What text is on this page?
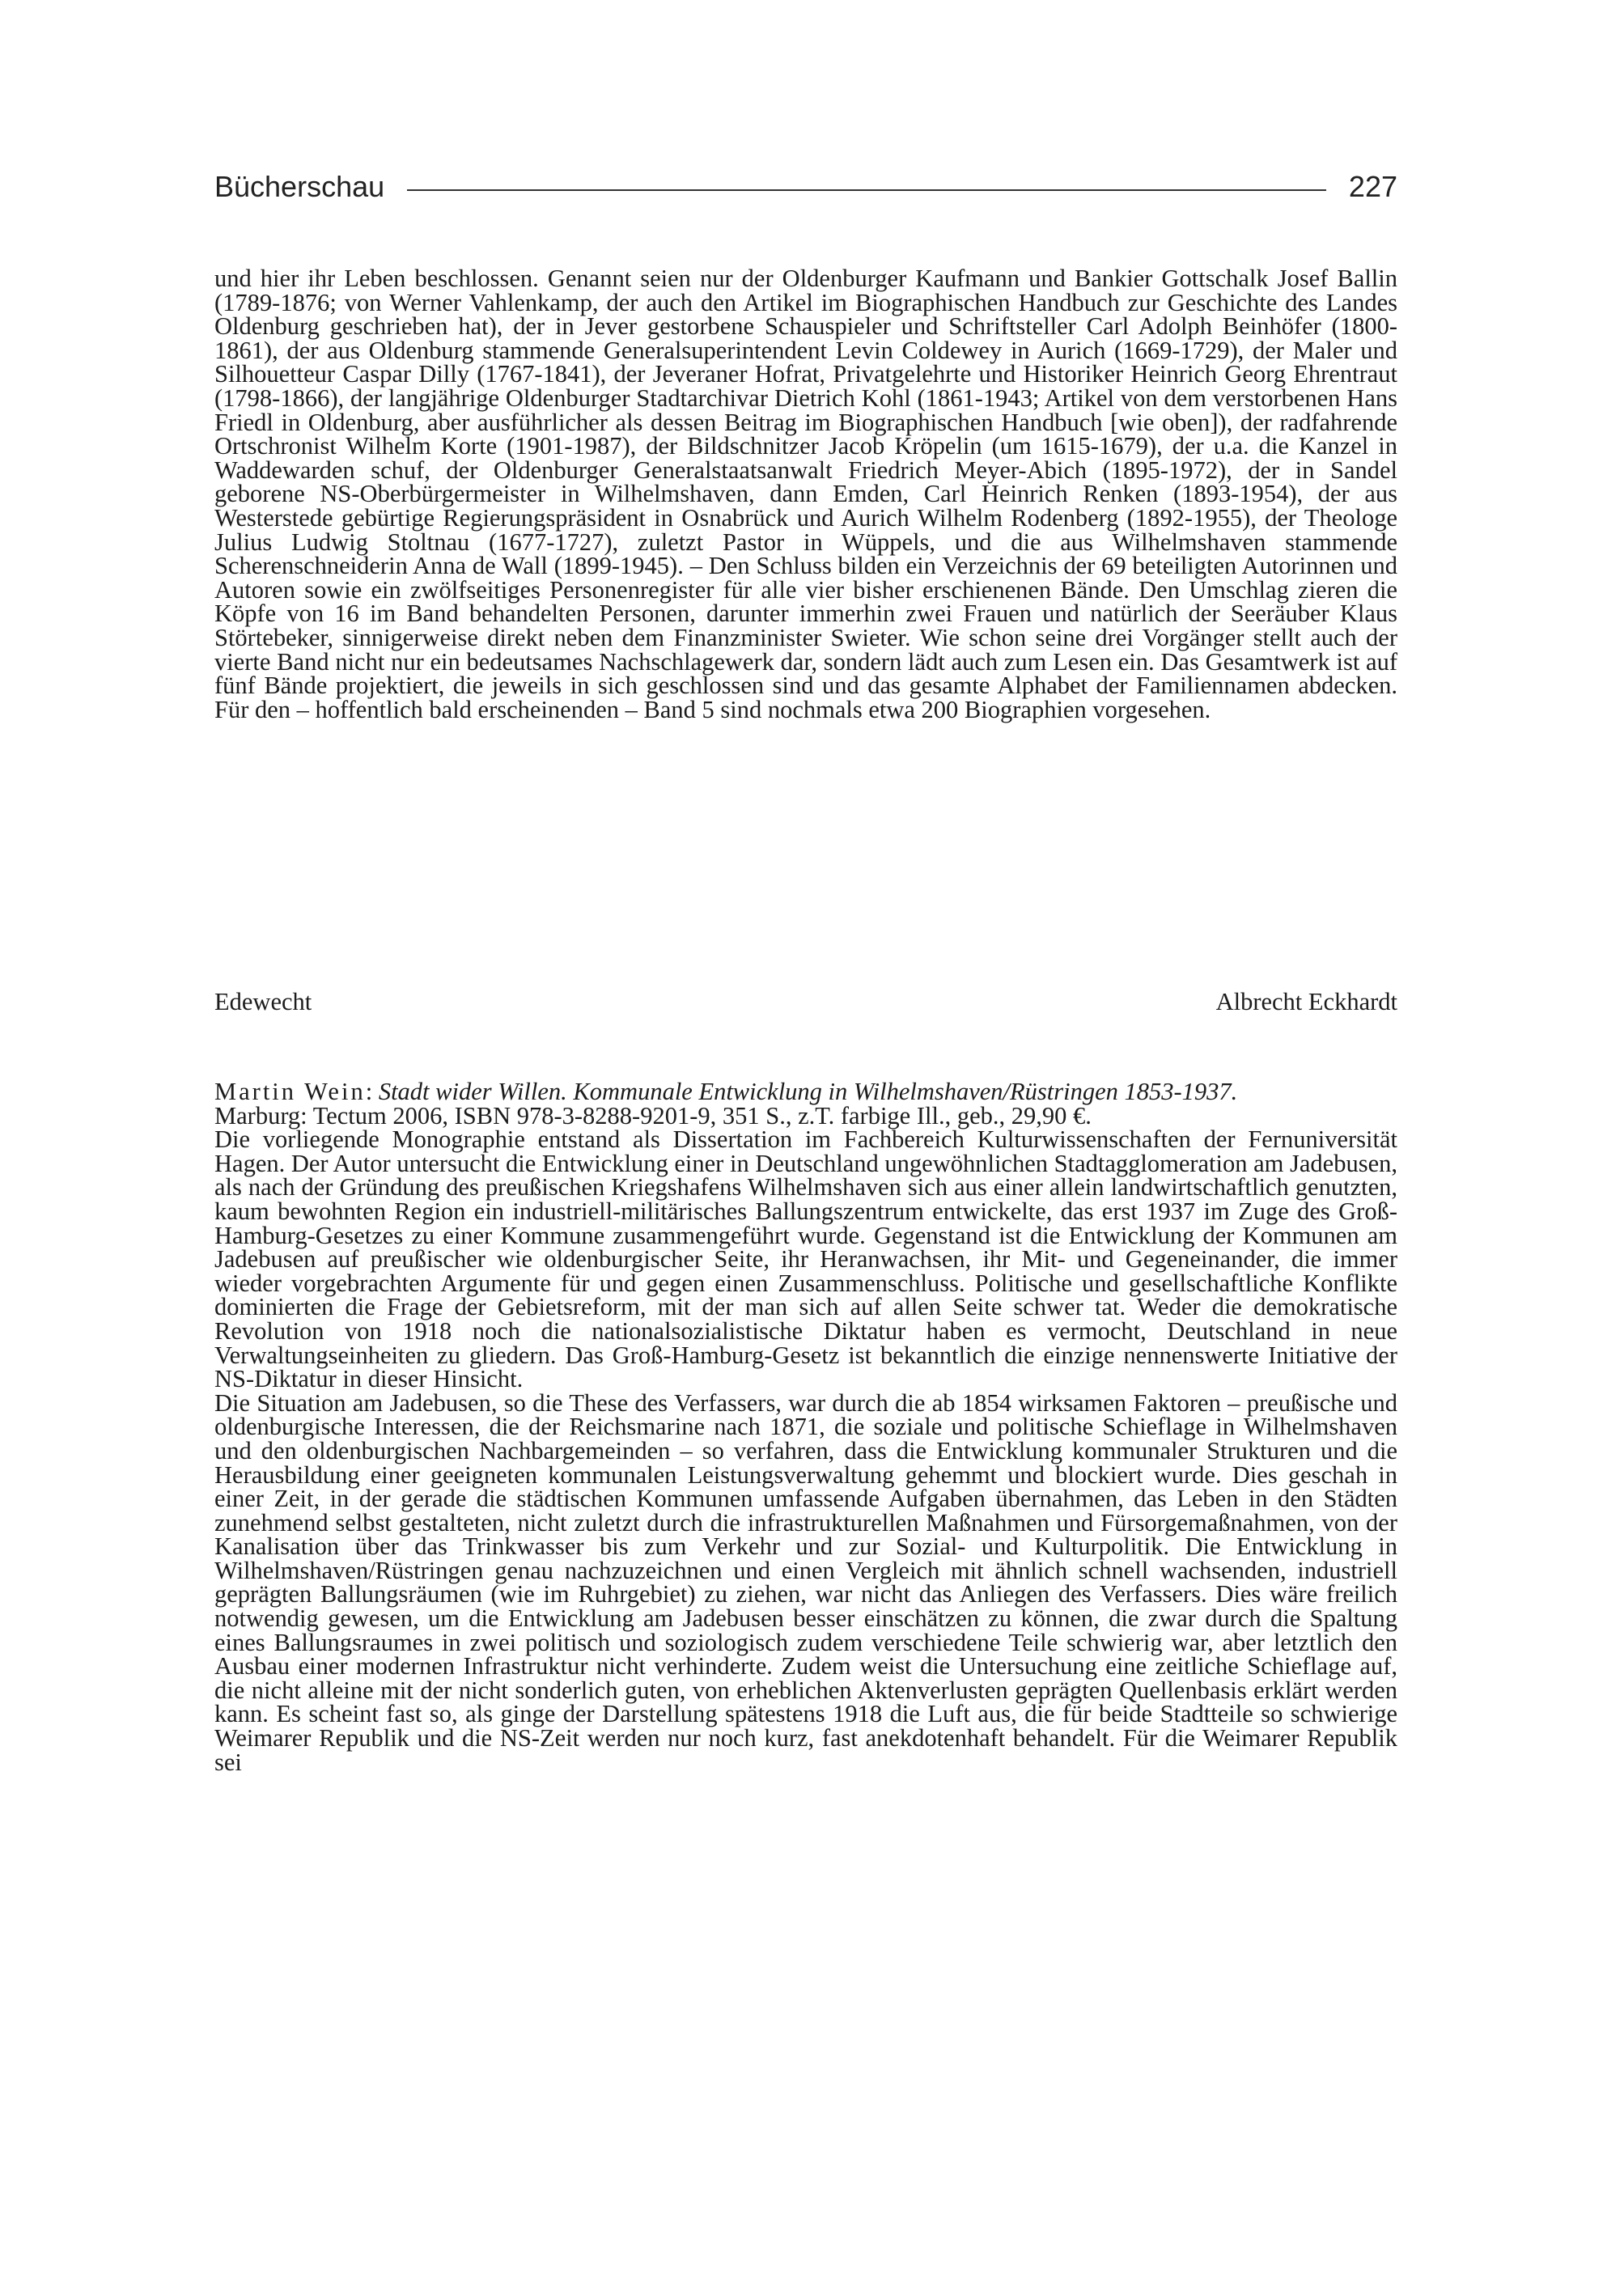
Bücherschau	227
und hier ihr Leben beschlossen. Genannt seien nur der Oldenburger Kaufmann und Bankier Gottschalk Josef Ballin (1789-1876; von Werner Vahlenkamp, der auch den Artikel im Biographischen Handbuch zur Geschichte des Landes Oldenburg geschrieben hat), der in Jever gestorbene Schauspieler und Schriftsteller Carl Adolph Beinhöfer (1800-1861), der aus Oldenburg stammende Generalsuperintendent Levin Coldewey in Aurich (1669-1729), der Maler und Silhouetteur Caspar Dilly (1767-1841), der Jeveraner Hofrat, Privatgelehrte und Historiker Heinrich Georg Ehrentraut (1798-1866), der langjährige Oldenburger Stadtarchivar Dietrich Kohl (1861-1943; Artikel von dem verstorbenen Hans Friedl in Oldenburg, aber ausführlicher als dessen Beitrag im Biographischen Handbuch [wie oben]), der radfahrende Ortschronist Wilhelm Korte (1901-1987), der Bildschnitzer Jacob Kröpelin (um 1615-1679), der u.a. die Kanzel in Waddewarden schuf, der Oldenburger Generalstaatsanwalt Friedrich Meyer-Abich (1895-1972), der in Sandel geborene NS-Oberbürgermeister in Wilhelmshaven, dann Emden, Carl Heinrich Renken (1893-1954), der aus Westerstede gebürtige Regierungspräsident in Osnabrück und Aurich Wilhelm Rodenberg (1892-1955), der Theologe Julius Ludwig Stoltnau (1677-1727), zuletzt Pastor in Wüppels, und die aus Wilhelmshaven stammende Scherenschneiderin Anna de Wall (1899-1945). – Den Schluss bilden ein Verzeichnis der 69 beteiligten Autorinnen und Autoren sowie ein zwölfseitiges Personenregister für alle vier bisher erschienenen Bände. Den Umschlag zieren die Köpfe von 16 im Band behandelten Personen, darunter immerhin zwei Frauen und natürlich der Seeräuber Klaus Störtebeker, sinnigerweise direkt neben dem Finanzminister Swieter. Wie schon seine drei Vorgänger stellt auch der vierte Band nicht nur ein bedeutsames Nachschlagewerk dar, sondern lädt auch zum Lesen ein. Das Gesamtwerk ist auf fünf Bände projektiert, die jeweils in sich geschlossen sind und das gesamte Alphabet der Familiennamen abdecken. Für den – hoffentlich bald erscheinenden – Band 5 sind nochmals etwa 200 Biographien vorgesehen.
Edewecht	Albrecht Eckhardt

Martin Wein: Stadt wider Willen. Kommunale Entwicklung in Wilhelmshaven/Rüstringen 1853-1937.

Marburg: Tectum 2006, ISBN 978-3-8288-9201-9, 351 S., z.T. farbige Ill., geb., 29,90 €.

Die vorliegende Monographie entstand als Dissertation im Fachbereich Kulturwissenschaften der Fernuniversität Hagen. Der Autor untersucht die Entwicklung einer in Deutschland ungewöhnlichen Stadtagglomeration am Jadebusen, als nach der Gründung des preußischen Kriegshafens Wilhelmshaven sich aus einer allein landwirtschaftlich genutzten, kaum bewohnten Region ein industriell-militärisches Ballungszentrum entwickelte, das erst 1937 im Zuge des Groß-Hamburg-Gesetzes zu einer Kommune zusammengeführt wurde. Gegenstand ist die Entwicklung der Kommunen am Jadebusen auf preußischer wie oldenburgischer Seite, ihr Heranwachsen, ihr Mit- und Gegeneinander, die immer wieder vorgebrachten Argumente für und gegen einen Zusammenschluss. Politische und gesellschaftliche Konflikte dominierten die Frage der Gebietsreform, mit der man sich auf allen Seite schwer tat. Weder die demokratische Revolution von 1918 noch die nationalsozialistische Diktatur haben es vermocht, Deutschland in neue Verwaltungseinheiten zu gliedern. Das Groß-Hamburg-Gesetz ist bekanntlich die einzige nennenswerte Initiative der NS-Diktatur in dieser Hinsicht.

Die Situation am Jadebusen, so die These des Verfassers, war durch die ab 1854 wirksamen Faktoren – preußische und oldenburgische Interessen, die der Reichsmarine nach 1871, die soziale und politische Schieflage in Wilhelmshaven und den oldenburgischen Nachbargemeinden – so verfahren, dass die Entwicklung kommunaler Strukturen und die Herausbildung einer geeigneten kommunalen Leistungsverwaltung gehemmt und blockiert wurde. Dies geschah in einer Zeit, in der gerade die städtischen Kommunen umfassende Aufgaben übernahmen, das Leben in den Städten zunehmend selbst gestalteten, nicht zuletzt durch die infrastrukturellen Maßnahmen und Fürsorgemaßnahmen, von der Kanalisation über das Trinkwasser bis zum Verkehr und zur Sozial- und Kulturpolitik. Die Entwicklung in Wilhelmshaven/Rüstringen genau nachzuzeichnen und einen Vergleich mit ähnlich schnell wachsenden, industriell geprägten Ballungsräumen (wie im Ruhrgebiet) zu ziehen, war nicht das Anliegen des Verfassers. Dies wäre freilich notwendig gewesen, um die Entwicklung am Jadebusen besser einschätzen zu können, die zwar durch die Spaltung eines Ballungsraumes in zwei politisch und soziologisch zudem verschiedene Teile schwierig war, aber letztlich den Ausbau einer modernen Infrastruktur nicht verhinderte. Zudem weist die Untersuchung eine zeitliche Schieflage auf, die nicht alleine mit der nicht sonderlich guten, von erheblichen Aktenverlusten geprägten Quellenbasis erklärt werden kann. Es scheint fast so, als ginge der Darstellung spätestens 1918 die Luft aus, die für beide Stadtteile so schwierige Weimarer Republik und die NS-Zeit werden nur noch kurz, fast anekdotenhaft behandelt. Für die Weimarer Republik sei
